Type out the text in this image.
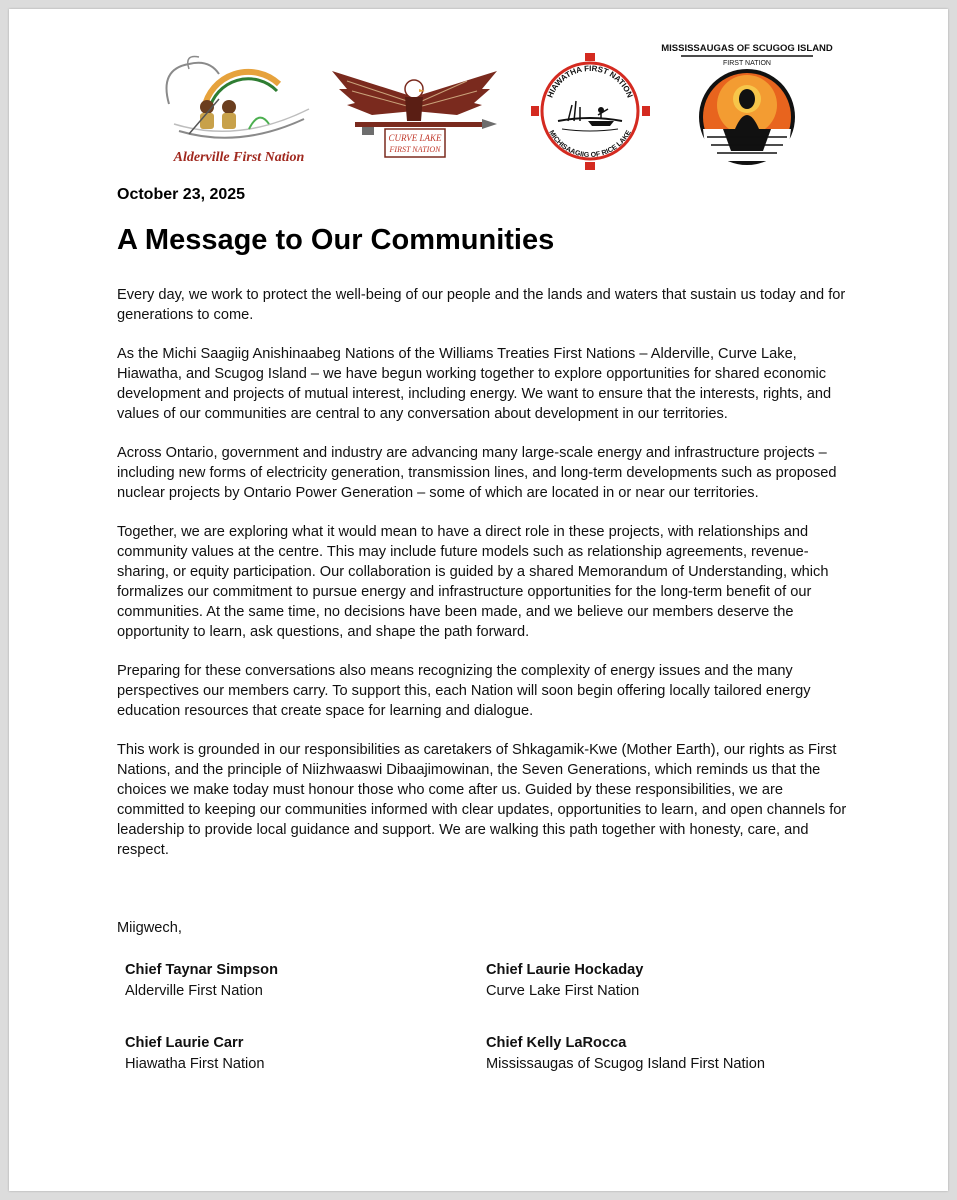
Alderville First Nation
CURVE LAKE
FIRST NATION
HIAWATHA FIRST NATION
MICHISAAGIIG OF RICE LAKE
MISSISSAUGAS OF SCUGOG ISLAND
FIRST NATION
October 23, 2025
A Message to Our Communities

Every day, we work to protect the well-being of our people and the lands and waters that sustain us today and for generations to come.

As the Michi Saagiig Anishinaabeg Nations of the Williams Treaties First Nations – Alderville, Curve Lake, Hiawatha, and Scugog Island – we have begun working together to explore opportunities for shared economic development and projects of mutual interest, including energy. We want to ensure that the interests, rights, and values of our communities are central to any conversation about development in our territories.

Across Ontario, government and industry are advancing many large-scale energy and infrastructure projects – including new forms of electricity generation, transmission lines, and long-term developments such as proposed nuclear projects by Ontario Power Generation – some of which are located in or near our territories.

Together, we are exploring what it would mean to have a direct role in these projects, with relationships and community values at the centre. This may include future models such as relationship agreements, revenue-sharing, or equity participation. Our collaboration is guided by a shared Memorandum of Understanding, which formalizes our commitment to pursue energy and infrastructure opportunities for the long-term benefit of our communities. At the same time, no decisions have been made, and we believe our members deserve the opportunity to learn, ask questions, and shape the path forward.

Preparing for these conversations also means recognizing the complexity of energy issues and the many perspectives our members carry. To support this, each Nation will soon begin offering locally tailored energy education resources that create space for learning and dialogue.

This work is grounded in our responsibilities as caretakers of Shkagamik-Kwe (Mother Earth), our rights as First Nations, and the principle of Niizhwaaswi Dibaajimowinan, the Seven Generations, which reminds us that the choices we make today must honour those who come after us. Guided by these responsibilities, we are committed to keeping our communities informed with clear updates, opportunities to learn, and open channels for leadership to provide local guidance and support. We are walking this path together with honesty, care, and respect.

Miigwech,
Chief Taynar Simpson
Alderville First Nation
Chief Laurie Hockaday
Curve Lake First Nation
Chief Laurie Carr
Hiawatha First Nation
Chief Kelly LaRocca
Mississaugas of Scugog Island First Nation
